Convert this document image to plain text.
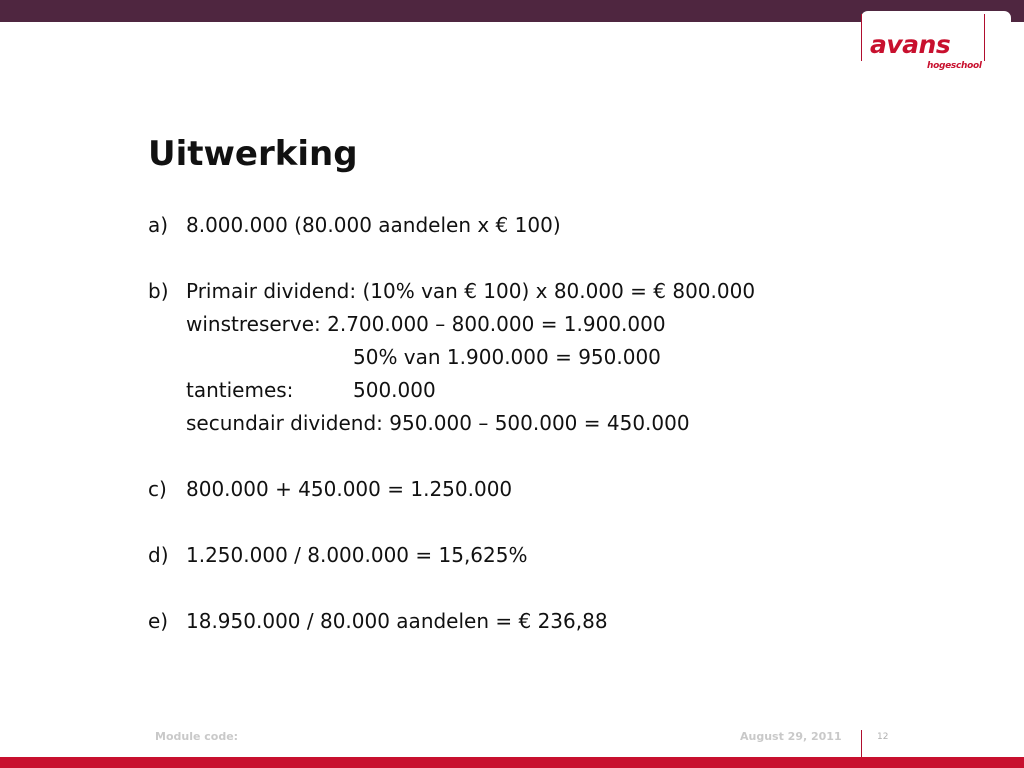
avans
hogeschool
Uitwerking
a) 8.000.000 (80.000 aandelen x € 100)
b) Primair dividend: (10% van € 100) x 80.000 = € 800.000
winstreserve: 2.700.000 – 800.000 = 1.900.000
50% van 1.900.000 = 950.000
tantiemes:	500.000
secundair dividend: 950.000 – 500.000 = 450.000
c) 800.000 + 450.000 = 1.250.000
d) 1.250.000 / 8.000.000 = 15,625%
e) 18.950.000 / 80.000 aandelen = € 236,88
Module code:	August 29, 2011	12
